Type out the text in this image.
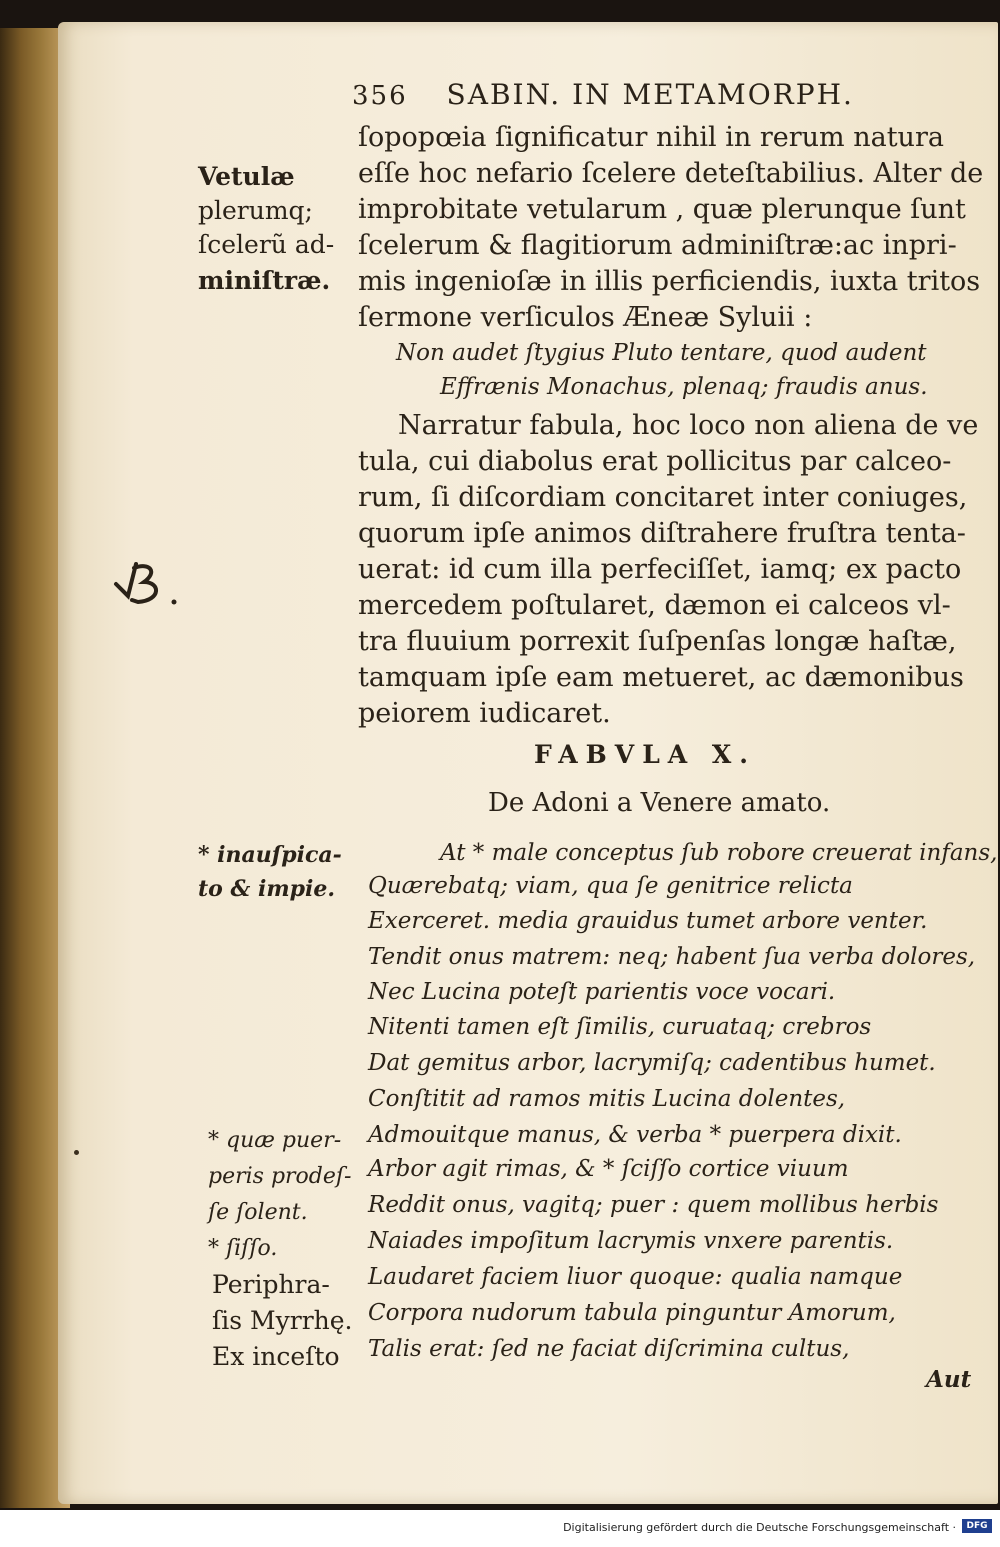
356 SABIN. IN METAMORPH.
ſopopœia ſignificatur nihil in rerum natura
eſſe hoc nefario ſcelere deteſtabilius. Alter de
improbitate vetularum , quæ plerunque ſunt
ſcelerum & flagitiorum adminiſtræ:ac inpri-
mis ingenioſæ in illis perficiendis, iuxta tritos
ſermone verſiculos Æneæ Syluii :
Non audet ſtygius Pluto tentare, quod audent
Effrænis Monachus, plenaq; fraudis anus.
Narratur fabula, hoc loco non aliena de ve
tula, cui diabolus erat pollicitus par calceo-
rum, ſi diſcordiam concitaret inter coniuges,
quorum ipſe animos diſtrahere fruſtra tenta-
uerat: id cum illa perfeciſſet, iamq; ex pacto
mercedem poſtularet, dæmon ei calceos vl-
tra fluuium porrexit ſuſpenſas longæ haſtæ,
tamquam ipſe eam metueret, ac dæmonibus
peiorem iudicaret.
FABVLA X.
De Adoni a Venere amato.
At * male conceptus ſub robore creuerat infans,
Quærebatq; viam, qua ſe genitrice relicta
Exerceret. media grauidus tumet arbore venter.
Tendit onus matrem: neq; habent ſua verba dolores,
Nec Lucina poteſt parientis voce vocari.
Nitenti tamen eſt ſimilis, curuataq; crebros
Dat gemitus arbor, lacrymiſq; cadentibus humet.
Conſtitit ad ramos mitis Lucina dolentes,
Admouitque manus, & verba * puerpera dixit.
Arbor agit rimas, & * ſciſſo cortice viuum
Reddit onus, vagitq; puer : quem mollibus herbis
Naiades impoſitum lacrymis vnxere parentis.
Laudaret faciem liuor quoque: qualia namque
Corpora nudorum tabula pinguntur Amorum,
Talis erat: ſed ne faciat diſcrimina cultus,
Aut
Vetulæ
plerumq;
ſcelerũ ad-
miniſtræ.
* inauſpica-
to & impie.
* quæ puer-
peris prodeſ-
ſe ſolent.
* ſiſſo.
Periphra-
ſis Myrrhę.
Ex inceſto
Digitalisierung gefördert durch die Deutsche Forschungsgemeinschaft ·	DFG
